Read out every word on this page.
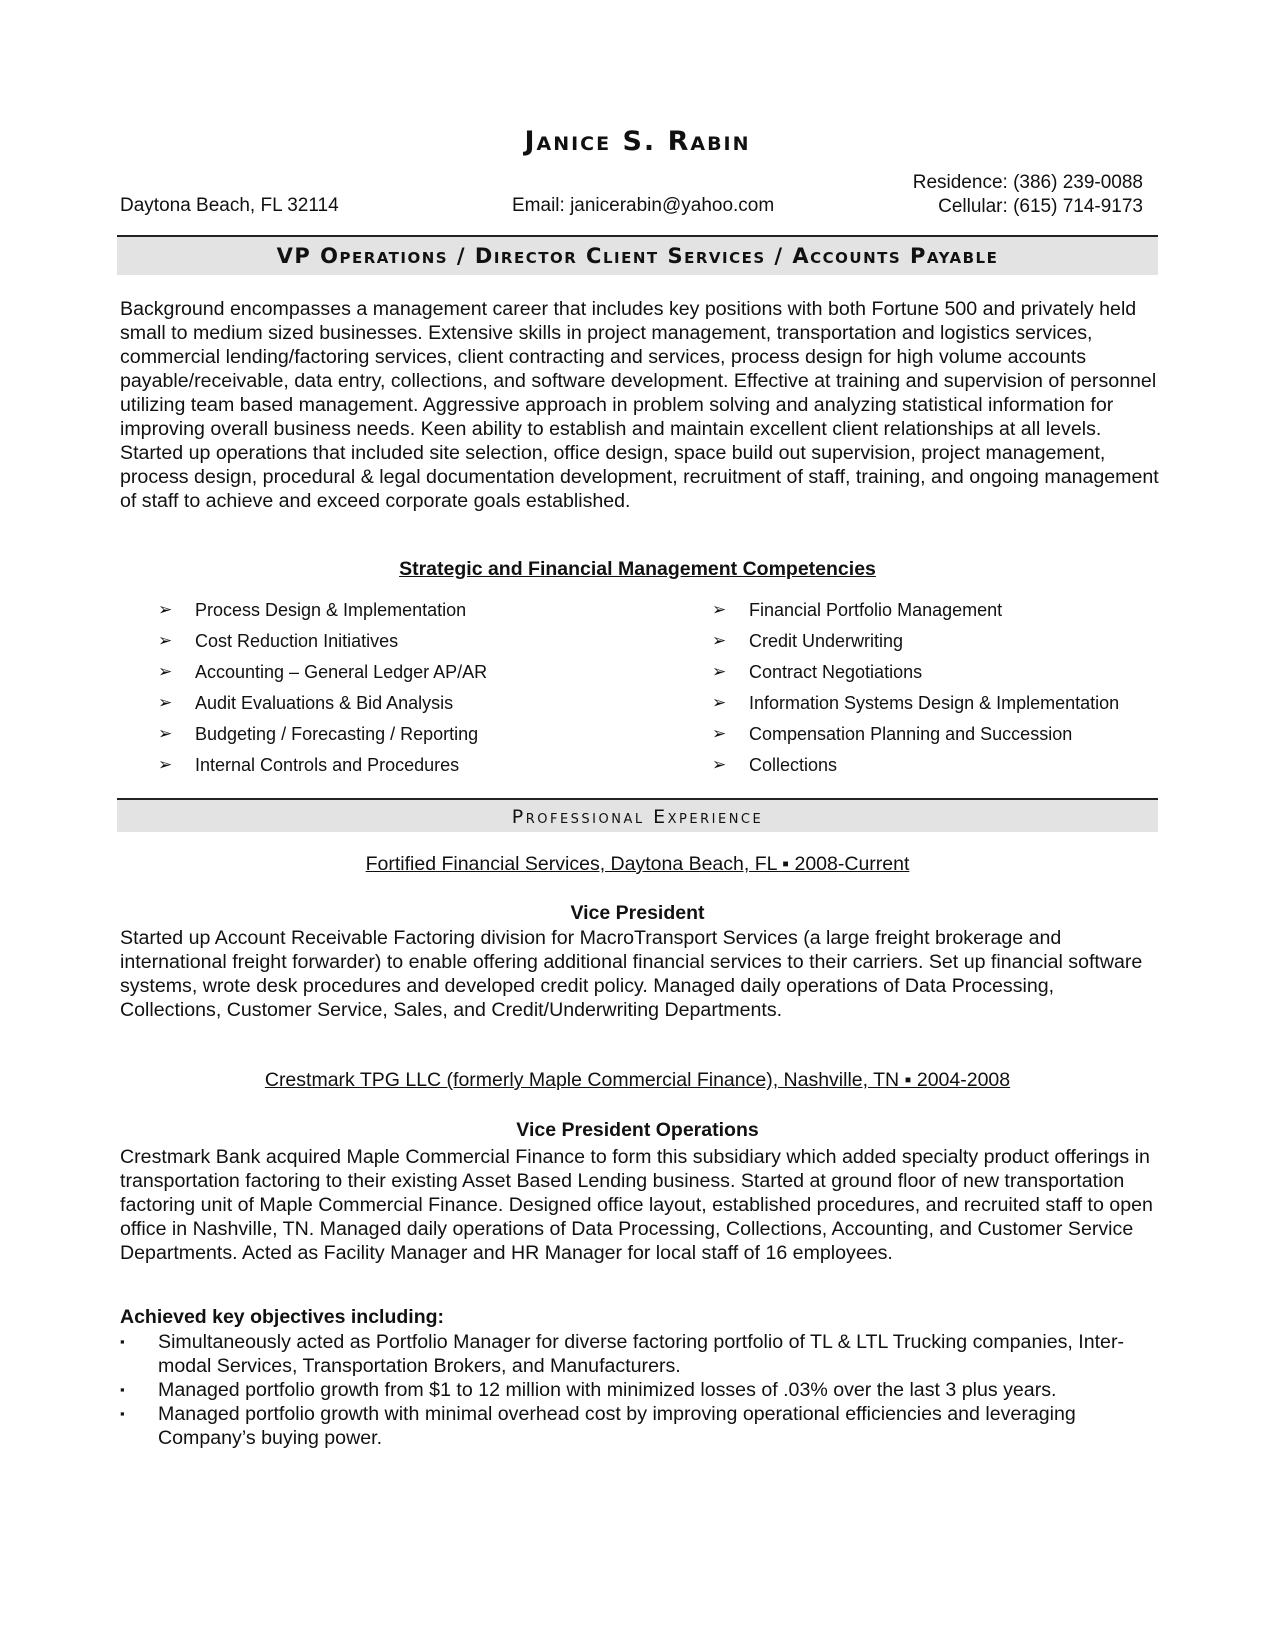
Janice S. Rabin
Daytona Beach, FL 32114	Email: janicerabin@yahoo.com
Residence: (386) 239-0088
Cellular: (615) 714-9173
VP Operations / Director Client Services / Accounts Payable

Background encompasses a management career that includes key positions with both Fortune 500 and privately held small to medium sized businesses. Extensive skills in project management, transportation and logistics services, commercial lending/factoring services, client contracting and services, process design for high volume accounts payable/receivable, data entry, collections, and software development. Effective at training and supervision of personnel utilizing team based management. Aggressive approach in problem solving and analyzing statistical information for improving overall business needs. Keen ability to establish and maintain excellent client relationships at all levels. Started up operations that included site selection, office design, space build out supervision, project management, process design, procedural & legal documentation development, recruitment of staff, training, and ongoing management of staff to achieve and exceed corporate goals established.

Strategic and Financial Management Competencies
➢ Process Design & Implementation
➢ Cost Reduction Initiatives
➢ Accounting – General Ledger AP/AR
➢ Audit Evaluations & Bid Analysis
➢ Budgeting / Forecasting / Reporting
➢ Internal Controls and Procedures
➢ Financial Portfolio Management
➢ Credit Underwriting
➢ Contract Negotiations
➢ Information Systems Design & Implementation
➢ Compensation Planning and Succession
➢ Collections
Professional Experience
Fortified Financial Services, Daytona Beach, FL ▪ 2008-Current
Vice President

Started up Account Receivable Factoring division for MacroTransport Services (a large freight brokerage and international freight forwarder) to enable offering additional financial services to their carriers. Set up financial software systems, wrote desk procedures and developed credit policy. Managed daily operations of Data Processing, Collections, Customer Service, Sales, and Credit/Underwriting Departments.

Crestmark TPG LLC (formerly Maple Commercial Finance), Nashville, TN ▪ 2004-2008
Vice President Operations

Crestmark Bank acquired Maple Commercial Finance to form this subsidiary which added specialty product offerings in transportation factoring to their existing Asset Based Lending business. Started at ground floor of new transportation factoring unit of Maple Commercial Finance. Designed office layout, established procedures, and recruited staff to open office in Nashville, TN. Managed daily operations of Data Processing, Collections, Accounting, and Customer Service Departments. Acted as Facility Manager and HR Manager for local staff of 16 employees.

Achieved key objectives including:
▪ Simultaneously acted as Portfolio Manager for diverse factoring portfolio of TL & LTL Trucking companies, Inter-modal Services, Transportation Brokers, and Manufacturers.
▪ Managed portfolio growth from $1 to 12 million with minimized losses of .03% over the last 3 plus years.
▪ Managed portfolio growth with minimal overhead cost by improving operational efficiencies and leveraging Company’s buying power.
